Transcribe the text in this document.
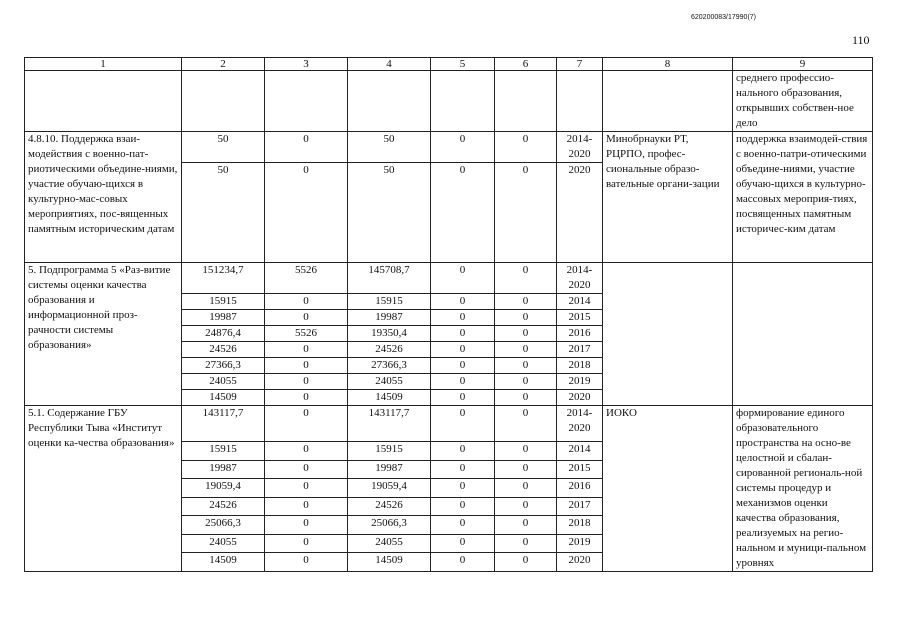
620200083/17990(7)
110
1	2	3	4	5	6	7	8	9
								среднего профессио-нального образования, открывших собствен-ное дело
4.8.10. Поддержка взаи-модействия с военно-пат-риотическими объедине-ниями, участие обучаю-щихся в культурно-мас-совых мероприятиях, пос-вященных памятным историческим датам	50	0	50	0	0	2014-2020	Минобрнауки РТ, РЦРПО, профес-сиональные образо-вательные органи-зации	поддержка взаимодей-ствия с военно-патри-отическими объедине-ниями, участие обучаю-щихся в культурно-массовых мероприя-тиях, посвященных памятным историчес-ким датам
	50	0	50	0	0	2020		
5. Подпрограмма 5 «Раз-витие системы оценки качества образования и информационной проз-рачности системы образования»	151234,7	5526	145708,7	0	0	2014-2020		
	15915	0	15915	0	0	2014		
	19987	0	19987	0	0	2015		
	24876,4	5526	19350,4	0	0	2016		
	24526	0	24526	0	0	2017		
	27366,3	0	27366,3	0	0	2018		
	24055	0	24055	0	0	2019		
	14509	0	14509	0	0	2020		
5.1. Содержание ГБУ Республики Тыва «Институт оценки ка-чества образования»	143117,7	0	143117,7	0	0	2014-2020	ИОКО	формирование единого образовательного пространства на осно-ве целостной и сбалан-сированной региональ-ной системы процедур и механизмов оценки качества образования, реализуемых на регио-нальном и муници-пальном уровнях
	15915	0	15915	0	0	2014		
	19987	0	19987	0	0	2015		
	19059,4	0	19059,4	0	0	2016		
	24526	0	24526	0	0	2017		
	25066,3	0	25066,3	0	0	2018		
	24055	0	24055	0	0	2019		
	14509	0	14509	0	0	2020		
